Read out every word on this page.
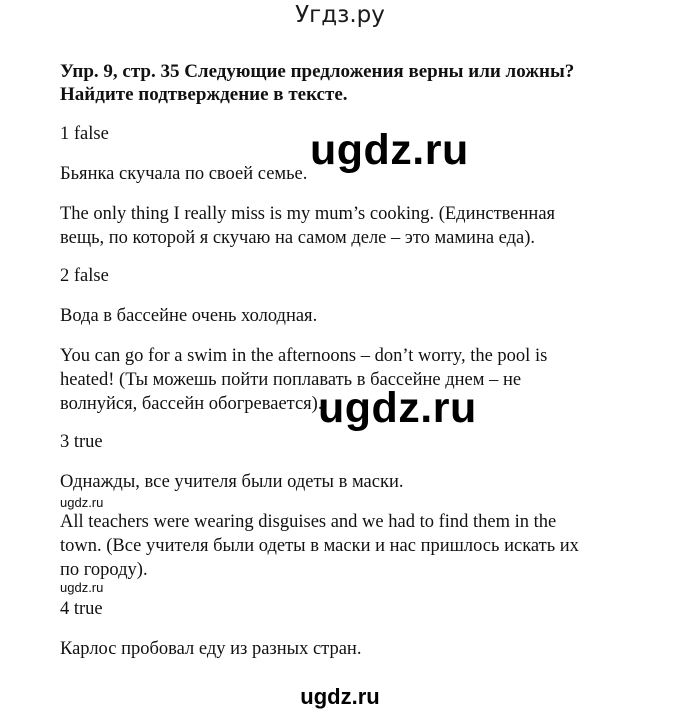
Угдз.ру
Упр. 9, стр. 35 Следующие предложения верны или ложны?
Найдите подтверждение в тексте.
1 false
Бьянка скучала по своей семье.
The only thing I really miss is my mum’s cooking. (Единственная
вещь, по которой я скучаю на самом деле – это мамина еда).
2 false
Вода в бассейне очень холодная.
You can go for a swim in the afternoons – don’t worry, the pool is
heated! (Ты можешь пойти поплавать в бассейне днем – не
волнуйся, бассейн обогревается).
3 true
Однажды, все учителя были одеты в маски.
All teachers were wearing disguises and we had to find them in the
town. (Все учителя были одеты в маски и нас пришлось искать их
по городу).
4 true
Карлос пробовал еду из разных стран.
ugdz.ru
ugdz.ru
ugdz.ru
ugdz.ru
ugdz.ru
